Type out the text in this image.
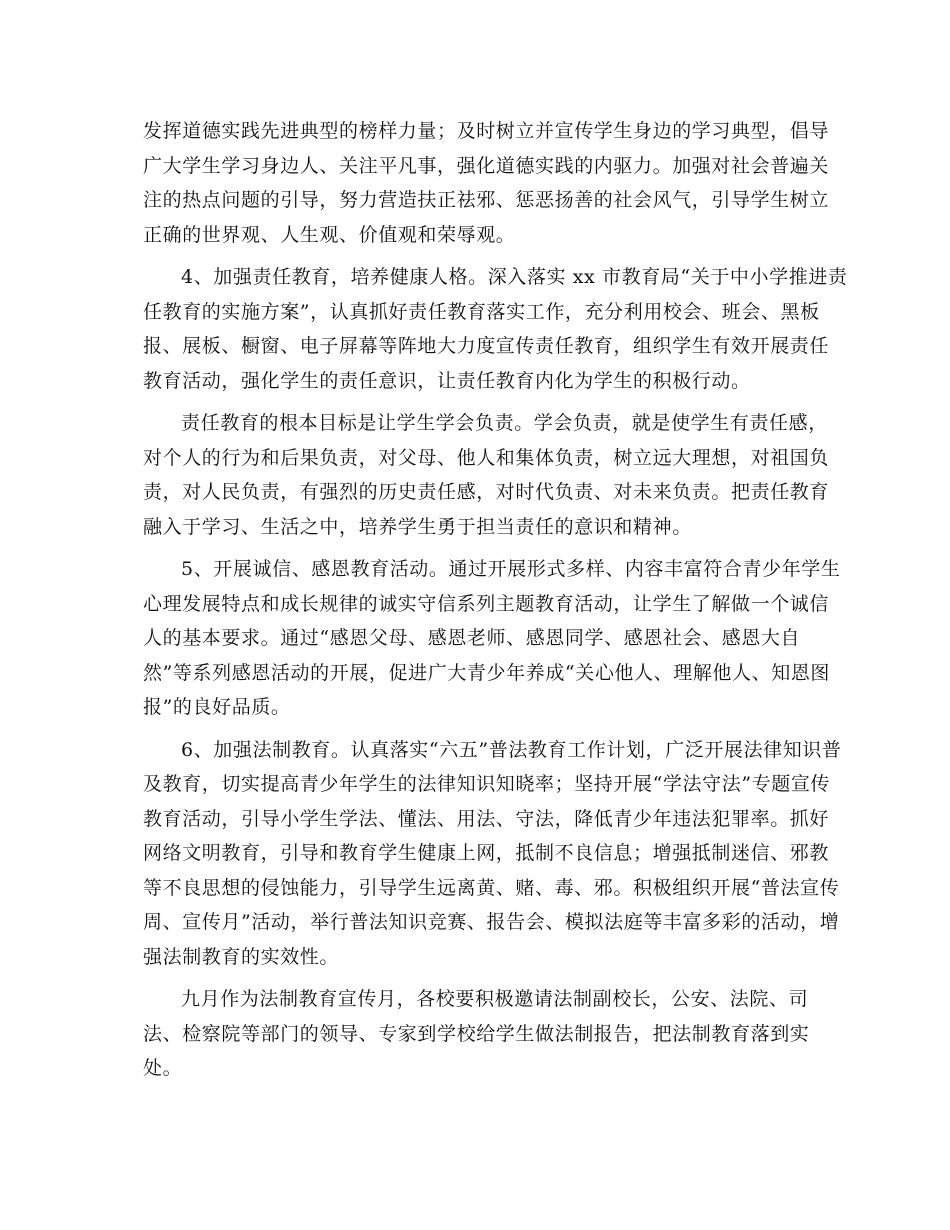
发挥道德实践先进典型的榜样力量；及时树立并宣传学生身边的学习典型，倡导
广大学生学习身边人、关注平凡事，强化道德实践的内驱力。加强对社会普遍关
注的热点问题的引导，努力营造扶正祛邪、惩恶扬善的社会风气，引导学生树立
正确的世界观、人生观、价值观和荣辱观。
4、加强责任教育，培养健康人格。深入落实 xx 市教育局“关于中小学推进责
任教育的实施方案”，认真抓好责任教育落实工作，充分利用校会、班会、黑板
报、展板、橱窗、电子屏幕等阵地大力度宣传责任教育，组织学生有效开展责任
教育活动，强化学生的责任意识，让责任教育内化为学生的积极行动。
责任教育的根本目标是让学生学会负责。学会负责，就是使学生有责任感，
对个人的行为和后果负责，对父母、他人和集体负责，树立远大理想，对祖国负
责，对人民负责，有强烈的历史责任感，对时代负责、对未来负责。把责任教育
融入于学习、生活之中，培养学生勇于担当责任的意识和精神。
5、开展诚信、感恩教育活动。通过开展形式多样、内容丰富符合青少年学生
心理发展特点和成长规律的诚实守信系列主题教育活动，让学生了解做一个诚信
人的基本要求。通过“感恩父母、感恩老师、感恩同学、感恩社会、感恩大自
然”等系列感恩活动的开展，促进广大青少年养成“关心他人、理解他人、知恩图
报”的良好品质。
6、加强法制教育。认真落实“六五”普法教育工作计划，广泛开展法律知识普
及教育，切实提高青少年学生的法律知识知晓率；坚持开展“学法守法”专题宣传
教育活动，引导小学生学法、懂法、用法、守法，降低青少年违法犯罪率。抓好
网络文明教育，引导和教育学生健康上网，抵制不良信息；增强抵制迷信、邪教
等不良思想的侵蚀能力，引导学生远离黄、赌、毒、邪。积极组织开展“普法宣传
周、宣传月”活动，举行普法知识竞赛、报告会、模拟法庭等丰富多彩的活动，增
强法制教育的实效性。
九月作为法制教育宣传月，各校要积极邀请法制副校长，公安、法院、司
法、检察院等部门的领导、专家到学校给学生做法制报告，把法制教育落到实
处。
